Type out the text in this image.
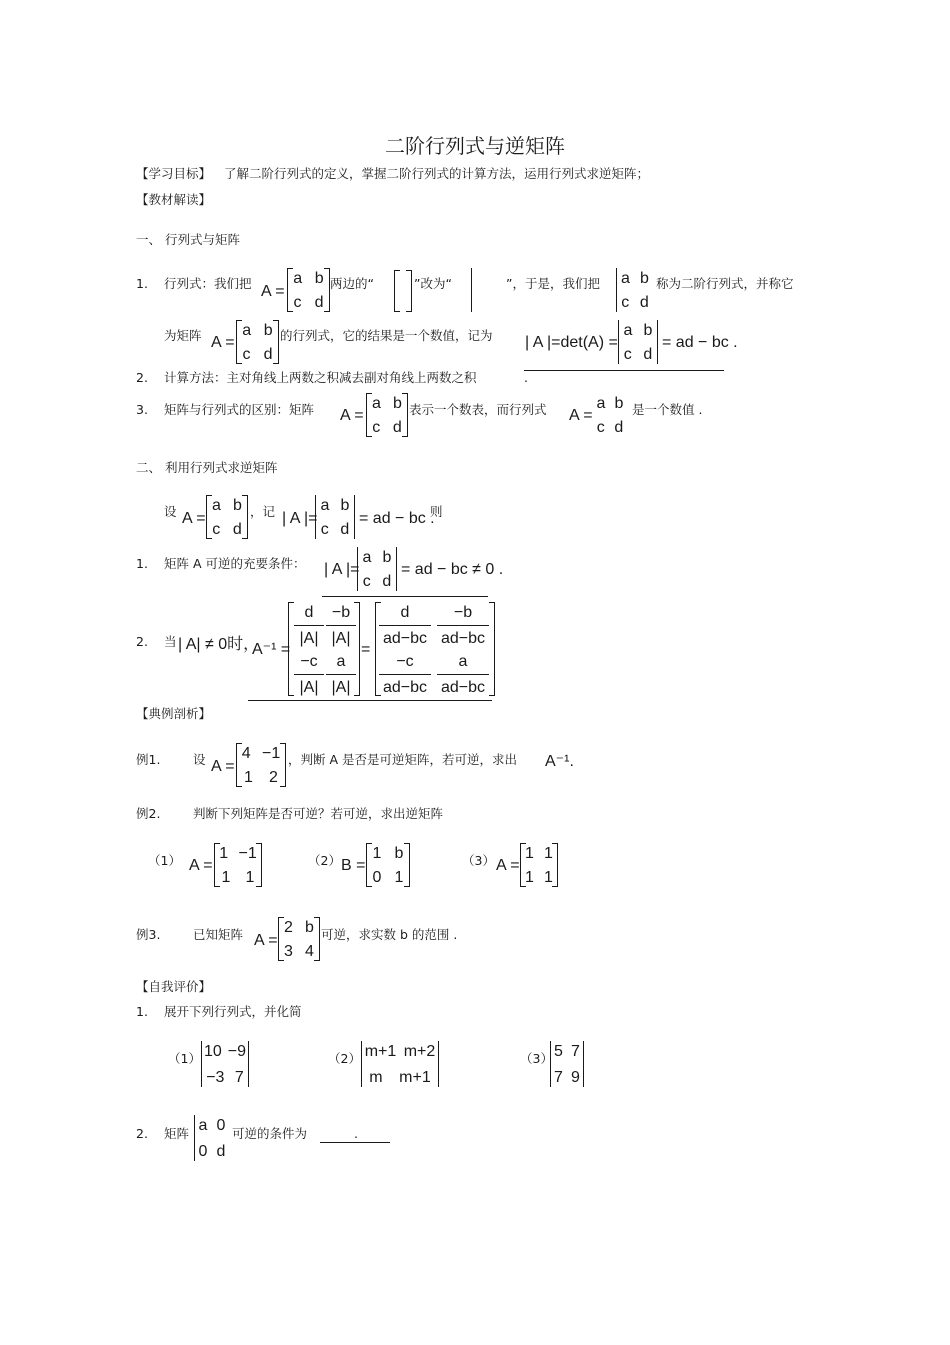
二阶行列式与逆矩阵
【学习目标】 了解二阶行列式的定义，掌握二阶行列式的计算方法，运用行列式求逆矩阵；
【教材解读】
一、 行列式与矩阵
1. 行列式：我们把 A =
a b
c d
两边的“	”改为“	”，于是，我们把 a b
c d
称为二阶行列式，并称它
为矩阵 A =
a b
c d
的行列式，它的结果是一个数值，记为 | A |=det(A) =
a b
c d
= ad − bc .
2. 计算方法：主对角线上两数之积减去副对角线上两数之积	.
3. 矩阵与行列式的区别：矩阵 A =
a b
c d
表示一个数表，而行列式 A =
a b
c d
是一个数值 .
二、 利用行列式求逆矩阵
设 A =
a b
c d
，记 | A |=
a b
c d
= ad − bc .
则
1. 矩阵 A 可逆的充要条件： | A |=
a b
c d
= ad − bc ≠ 0 .
2. 当 | A| ≠ 0时，
A⁻¹ =
$\frac{d}{|A|} \frac{-b}{|A|}$
$\frac{-c}{|A|} \frac{a}{|A|}$
=
$\frac{d}{ad-bc} \frac{-b}{ad-bc}$
$\frac{-c}{ad-bc} \frac{a}{ad-bc}$
【典例剖析】
例1.	设 A =
4 −1
1 2
，判断 A 是否是可逆矩阵，若可逆，求出 A⁻¹.
例2.	判断下列矩阵是否可逆？若可逆，求出逆矩阵
（1） A =
1 −1
1 1
（2） B =
1 b
0 1
（3） A =
1 1
1 1
例3.	已知矩阵 A =
2 b
3 4
可逆，求实数 b 的范围 .
【自我评价】
1. 展开下列行列式，并化简
（1） 10 −9
−3 7
（2） m+1 m+2
m m+1
（3） 5 7
7 9
2. 矩阵 a 0
0 d
可逆的条件为	.
